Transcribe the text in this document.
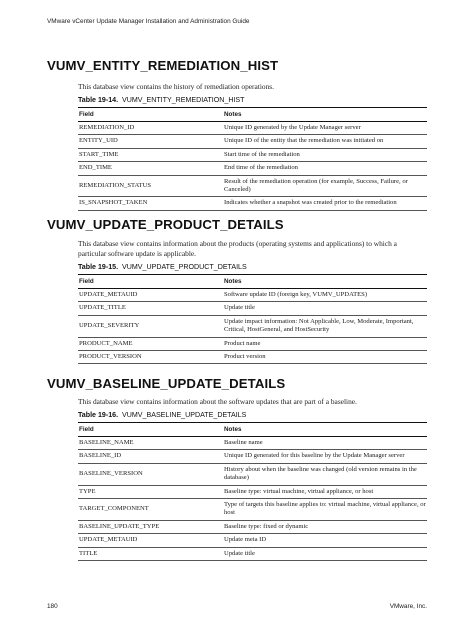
VMware vCenter Update Manager Installation and Administration Guide
VUMV_ENTITY_REMEDIATION_HIST

This database view contains the history of remediation operations.

Table 19-14. VUMV_ENTITY_REMEDIATION_HIST
Field	Notes
REMEDIATION_ID	Unique ID generated by the Update Manager server
ENTITY_UID	Unique ID of the entity that the remediation was initiated on
START_TIME	Start time of the remediation
END_TIME	End time of the remediation
REMEDIATION_STATUS	Result of the remediation operation (for example, Success, Failure, or Canceled)
IS_SNAPSHOT_TAKEN	Indicates whether a snapshot was created prior to the remediation
VUMV_UPDATE_PRODUCT_DETAILS

This database view contains information about the products (operating systems and applications) to which a particular software update is applicable.

Table 19-15. VUMV_UPDATE_PRODUCT_DETAILS
Field	Notes
UPDATE_METAUID	Software update ID (foreign key, VUMV_UPDATES)
UPDATE_TITLE	Update title
UPDATE_SEVERITY	Update impact information: Not Applicable, Low, Moderate, Important, Critical, HostGeneral, and HostSecurity
PRODUCT_NAME	Product name
PRODUCT_VERSION	Product version
VUMV_BASELINE_UPDATE_DETAILS

This database view contains information about the software updates that are part of a baseline.

Table 19-16. VUMV_BASELINE_UPDATE_DETAILS
Field	Notes
BASELINE_NAME	Baseline name
BASELINE_ID	Unique ID generated for this baseline by the Update Manager server
BASELINE_VERSION	History about when the baseline was changed (old version remains in the database)
TYPE	Baseline type: virtual machine, virtual appliance, or host
TARGET_COMPONENT	Type of targets this baseline applies to: virtual machine, virtual appliance, or host
BASELINE_UPDATE_TYPE	Baseline type: fixed or dynamic
UPDATE_METAUID	Update meta ID
TITLE	Update title
180	VMware, Inc.
